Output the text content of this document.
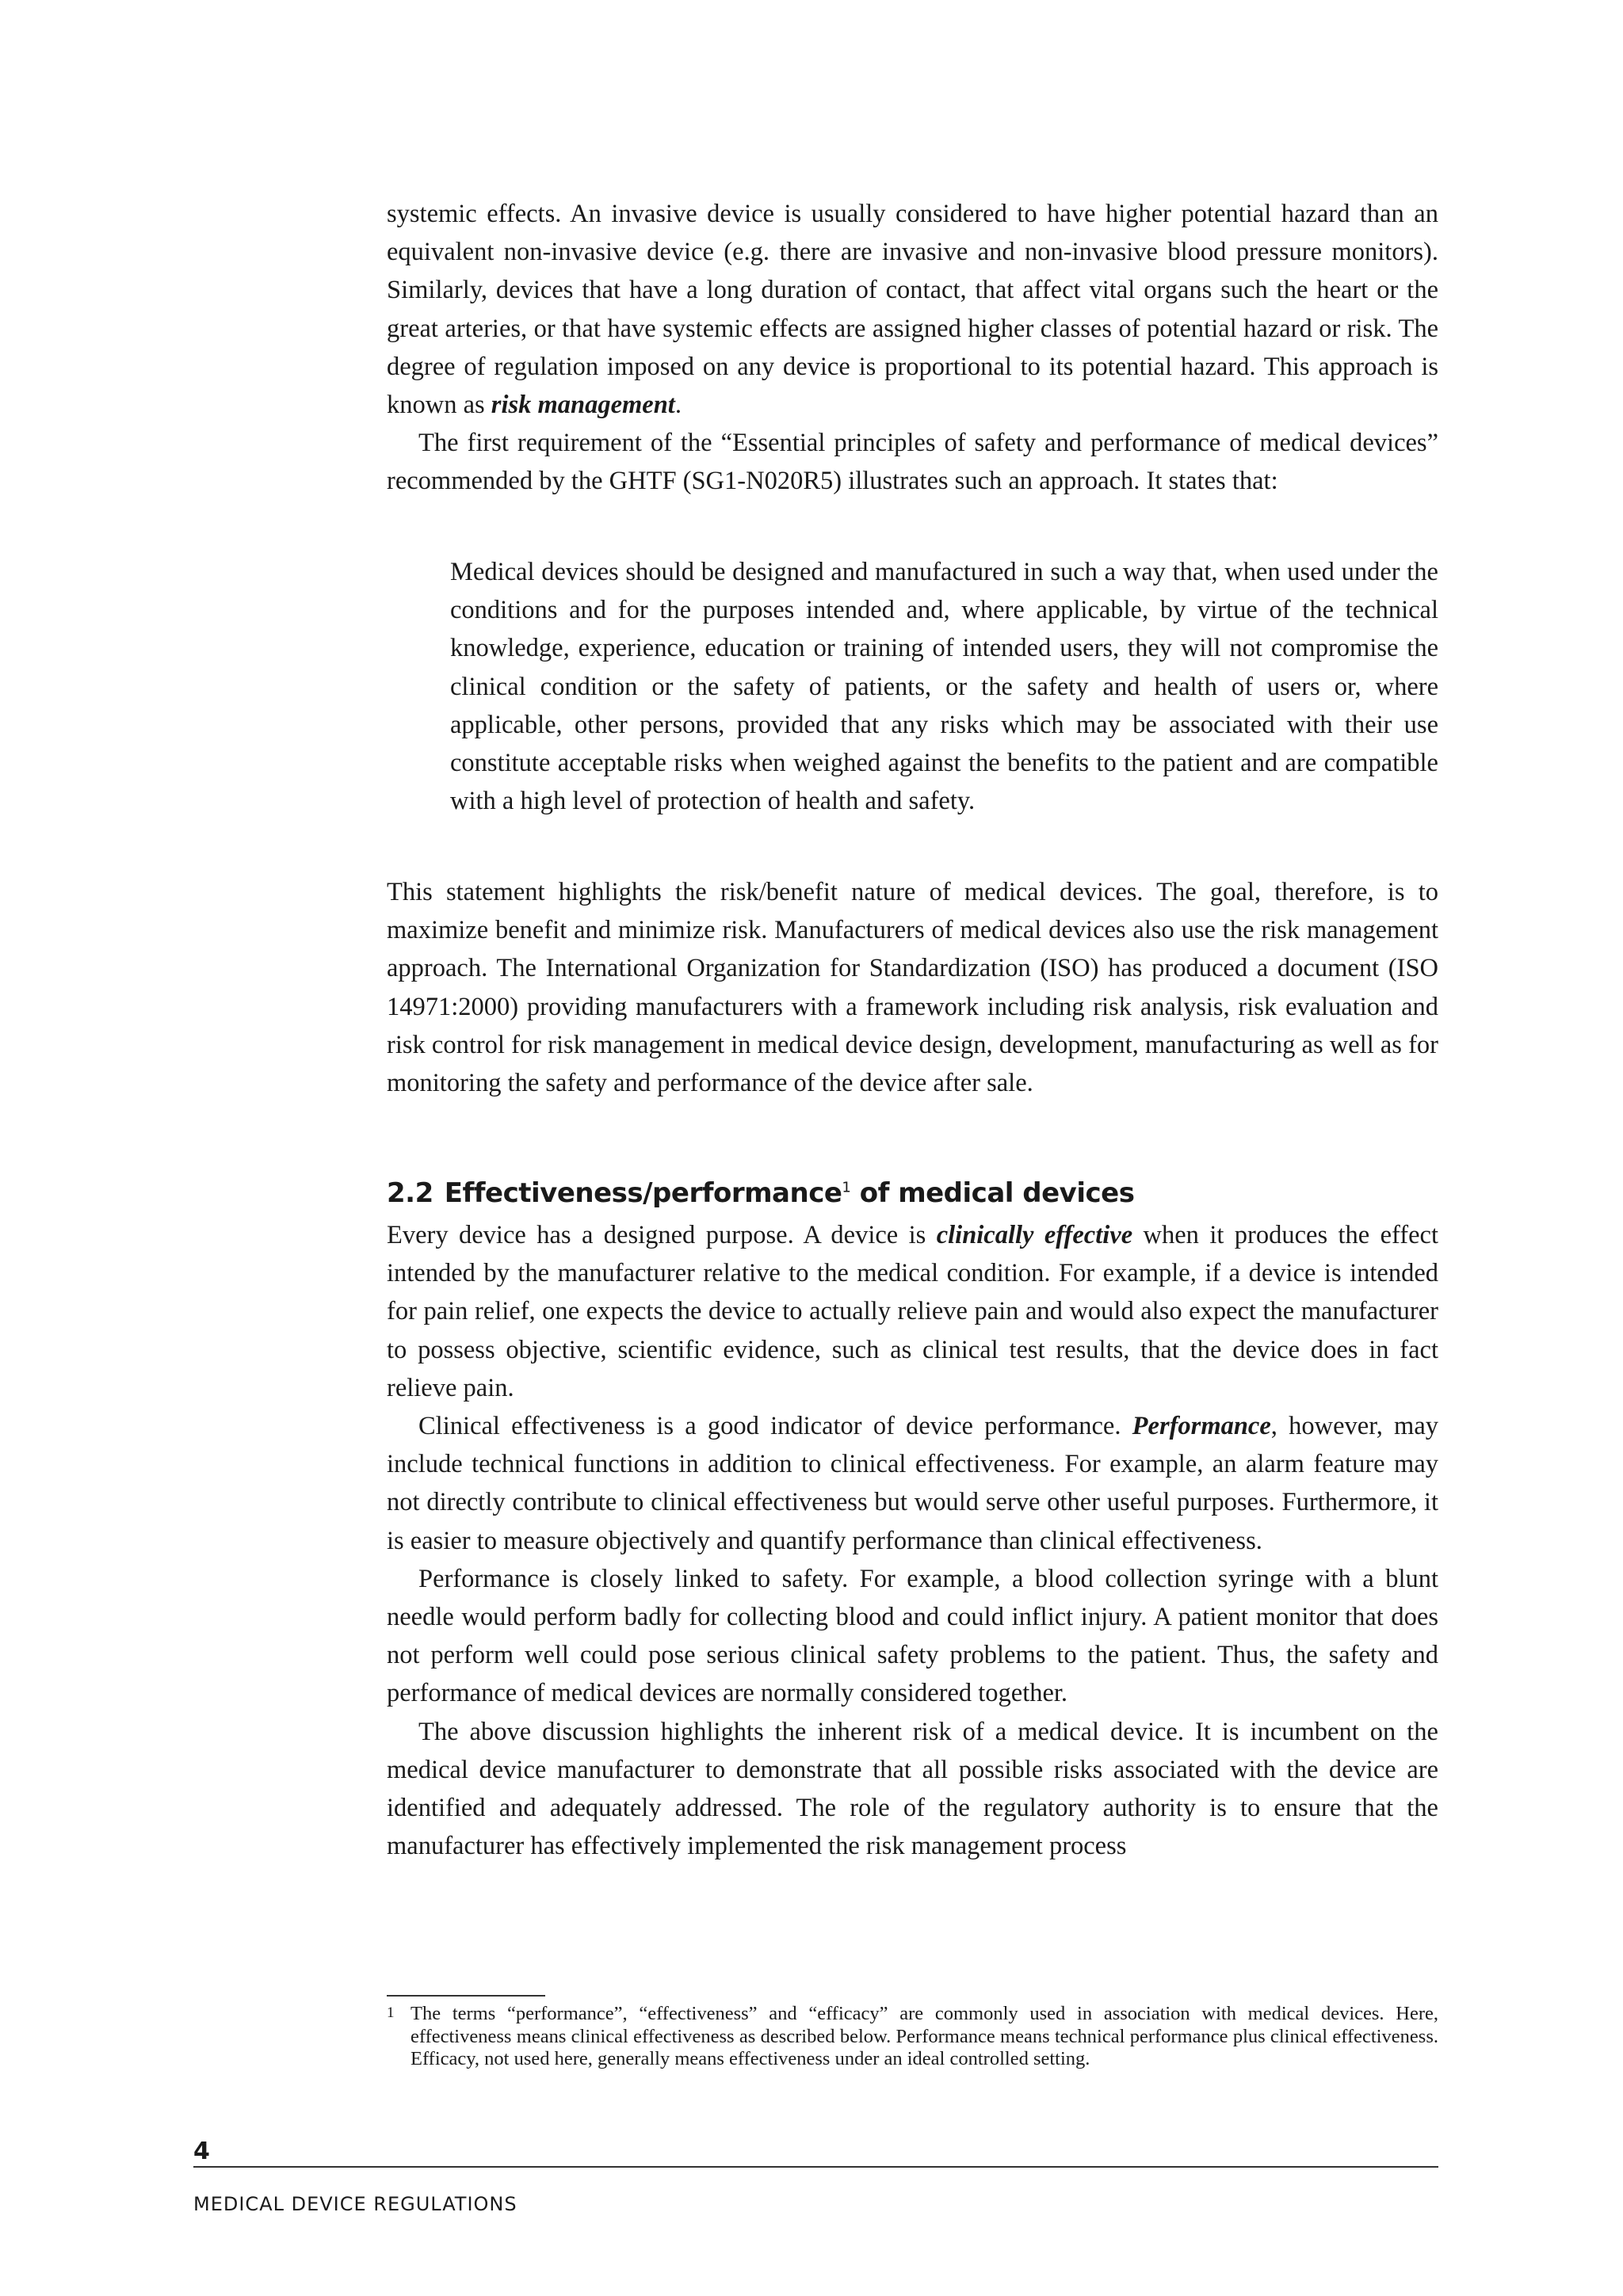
systemic effects. An invasive device is usually considered to have higher potential hazard than an equivalent non-invasive device (e.g. there are invasive and non-invasive blood pressure monitors). Similarly, devices that have a long duration of contact, that affect vital organs such the heart or the great arteries, or that have systemic effects are assigned higher classes of potential hazard or risk. The degree of regulation imposed on any device is proportional to its potential hazard. This approach is known as risk management.

The first requirement of the “Essential principles of safety and performance of medical devices” recommended by the GHTF (SG1-N020R5) illustrates such an approach. It states that:

Medical devices should be designed and manufactured in such a way that, when used under the conditions and for the purposes intended and, where applicable, by virtue of the technical knowledge, experience, education or training of intended users, they will not compromise the clinical condition or the safety of patients, or the safety and health of users or, where applicable, other persons, provided that any risks which may be associated with their use constitute acceptable risks when weighed against the benefits to the patient and are compatible with a high level of protection of health and safety.

This statement highlights the risk/benefit nature of medical devices. The goal, therefore, is to maximize benefit and minimize risk. Manufacturers of medical devices also use the risk management approach. The International Organization for Standardization (ISO) has produced a document (ISO 14971:2000) providing manufacturers with a framework including risk analysis, risk evaluation and risk control for risk management in medical device design, development, manufacturing as well as for monitoring the safety and performance of the device after sale.

2.2 Effectiveness/performance$^1$ of medical devices

Every device has a designed purpose. A device is clinically effective when it produces the effect intended by the manufacturer relative to the medical condition. For example, if a device is intended for pain relief, one expects the device to actually relieve pain and would also expect the manufacturer to possess objective, scientific evidence, such as clinical test results, that the device does in fact relieve pain.

Clinical effectiveness is a good indicator of device performance. Performance, however, may include technical functions in addition to clinical effectiveness. For example, an alarm feature may not directly contribute to clinical effectiveness but would serve other useful purposes. Furthermore, it is easier to measure objectively and quantify performance than clinical effectiveness.

Performance is closely linked to safety. For example, a blood collection syringe with a blunt needle would perform badly for collecting blood and could inflict injury. A patient monitor that does not perform well could pose serious clinical safety problems to the patient. Thus, the safety and performance of medical devices are normally considered together.

The above discussion highlights the inherent risk of a medical device. It is incumbent on the medical device manufacturer to demonstrate that all possible risks associated with the device are identified and adequately addressed. The role of the regulatory authority is to ensure that the manufacturer has effectively implemented the risk management process

1 The terms “performance”, “effectiveness” and “efficacy” are commonly used in association with medical devices. Here, effectiveness means clinical effectiveness as described below. Performance means technical performance plus clinical effectiveness. Efficacy, not used here, generally means effectiveness under an ideal controlled setting.
4
MEDICAL DEVICE REGULATIONS
